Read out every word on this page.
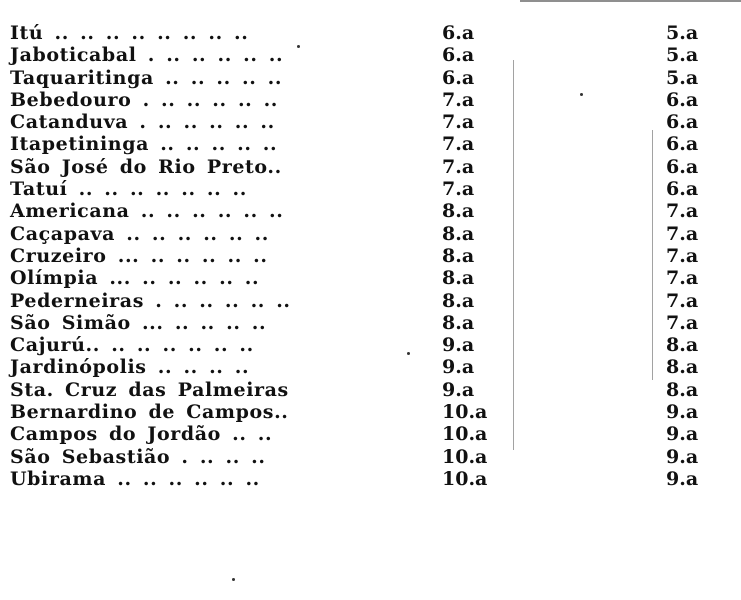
Itú .. .. .. .. .. .. .. ..	6.a	5.a
Jaboticabal . .. .. .. .. ..	6.a	5.a
Taquaritinga .. .. .. .. ..	6.a	5.a
Bebedouro . .. .. .. .. ..	7.a	6.a
Catanduva . .. .. .. .. ..	7.a	6.a
Itapetininga .. .. .. .. ..	7.a	6.a
São José do Rio Preto..	7.a	6.a
Tatuí .. .. .. .. .. .. ..	7.a	6.a
Americana .. .. .. .. .. ..	8.a	7.a
Caçapava .. .. .. .. .. ..	8.a	7.a
Cruzeiro ... .. .. .. .. ..	8.a	7.a
Olímpia ... .. .. .. .. ..	8.a	7.a
Pederneiras . .. .. .. .. ..	8.a	7.a
São Simão ... .. .. .. ..	8.a	7.a
Cajurú.. .. .. .. .. .. ..	9.a	8.a
Jardinópolis .. .. .. ..	9.a	8.a
Sta. Cruz das Palmeiras	9.a	8.a
Bernardino de Campos..	10.a	9.a
Campos do Jordão .. ..	10.a	9.a
São Sebastião . .. .. ..	10.a	9.a
Ubirama .. .. .. .. .. ..	10.a	9.a
